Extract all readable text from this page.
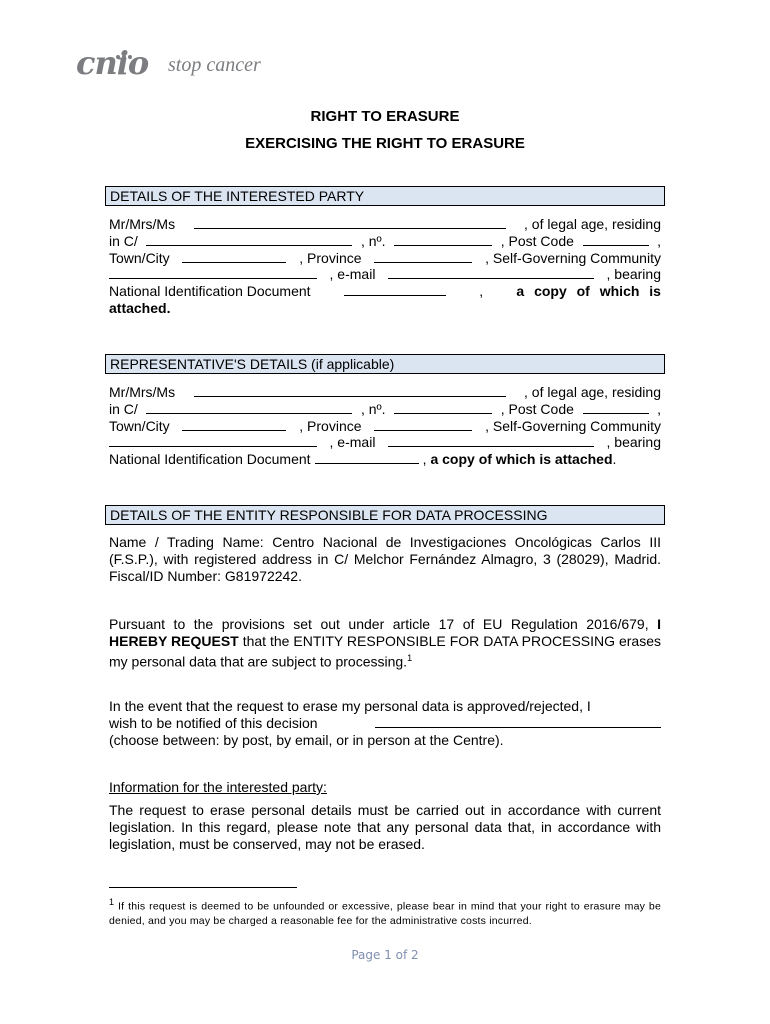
cnio stop cancer
RIGHT TO ERASURE
EXERCISING THE RIGHT TO ERASURE
DETAILS OF THE INTERESTED PARTY
Mr/Mrs/Ms	, of legal age, residing
in C/	, nº.	, Post Code	,
Town/City	, Province	, Self-Governing Community
, e-mail	, bearing
National Identification Document	, a copy of which is
attached.
REPRESENTATIVE'S DETAILS (if applicable)
Mr/Mrs/Ms	, of legal age, residing
in C/	, nº.	, Post Code	,
Town/City	, Province	, Self-Governing Community
, e-mail	, bearing
National Identification Document	, a copy of which is attached .
DETAILS OF THE ENTITY RESPONSIBLE FOR DATA PROCESSING
Name / Trading Name: Centro Nacional de Investigaciones Oncológicas Carlos III (F.S.P.), with registered address in C/ Melchor Fernández Almagro, 3 (28029), Madrid. Fiscal/ID Number: G81972242.
Pursuant to the provisions set out under article 17 of EU Regulation 2016/679, I HEREBY REQUEST that the ENTITY RESPONSIBLE FOR DATA PROCESSING erases my personal data that are subject to processing.$^1$
In the event that the request to erase my personal data is approved/rejected, I
wish to be notified of this decision
(choose between: by post, by email, or in person at the Centre).
Information for the interested party:
The request to erase personal details must be carried out in accordance with current legislation. In this regard, please note that any personal data that, in accordance with legislation, must be conserved, may not be erased.
$^1$ If this request is deemed to be unfounded or excessive, please bear in mind that your right to erasure may be denied, and you may be charged a reasonable fee for the administrative costs incurred.
Page 1 of 2
